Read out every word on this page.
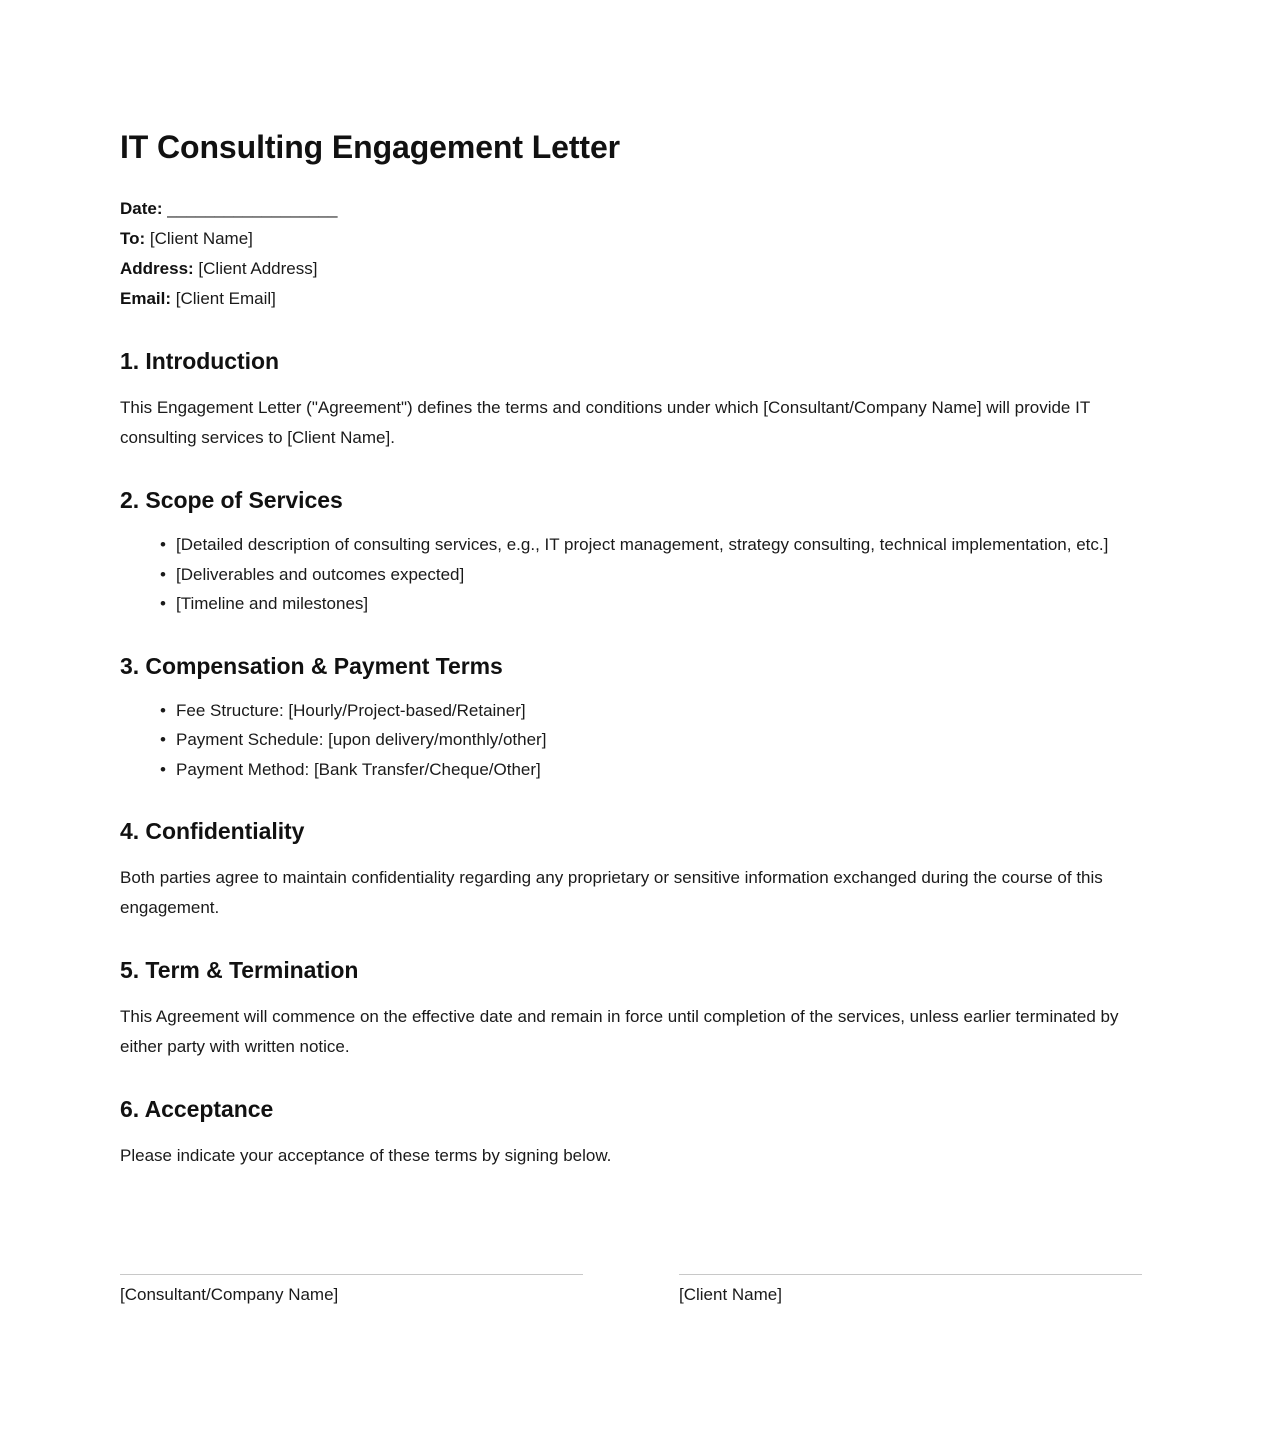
IT Consulting Engagement Letter
Date: __________________
To: [Client Name]
Address: [Client Address]
Email: [Client Email]
1. Introduction

This Engagement Letter ("Agreement") defines the terms and conditions under which [Consultant/Company Name] will provide IT consulting services to [Client Name].

2. Scope of Services
• [Detailed description of consulting services, e.g., IT project management, strategy consulting, technical implementation, etc.]
• [Deliverables and outcomes expected]
• [Timeline and milestones]
3. Compensation & Payment Terms
• Fee Structure: [Hourly/Project-based/Retainer]
• Payment Schedule: [upon delivery/monthly/other]
• Payment Method: [Bank Transfer/Cheque/Other]
4. Confidentiality

Both parties agree to maintain confidentiality regarding any proprietary or sensitive information exchanged during the course of this engagement.

5. Term & Termination

This Agreement will commence on the effective date and remain in force until completion of the services, unless earlier terminated by either party with written notice.

6. Acceptance

Please indicate your acceptance of these terms by signing below.

[Consultant/Company Name]	[Client Name]
